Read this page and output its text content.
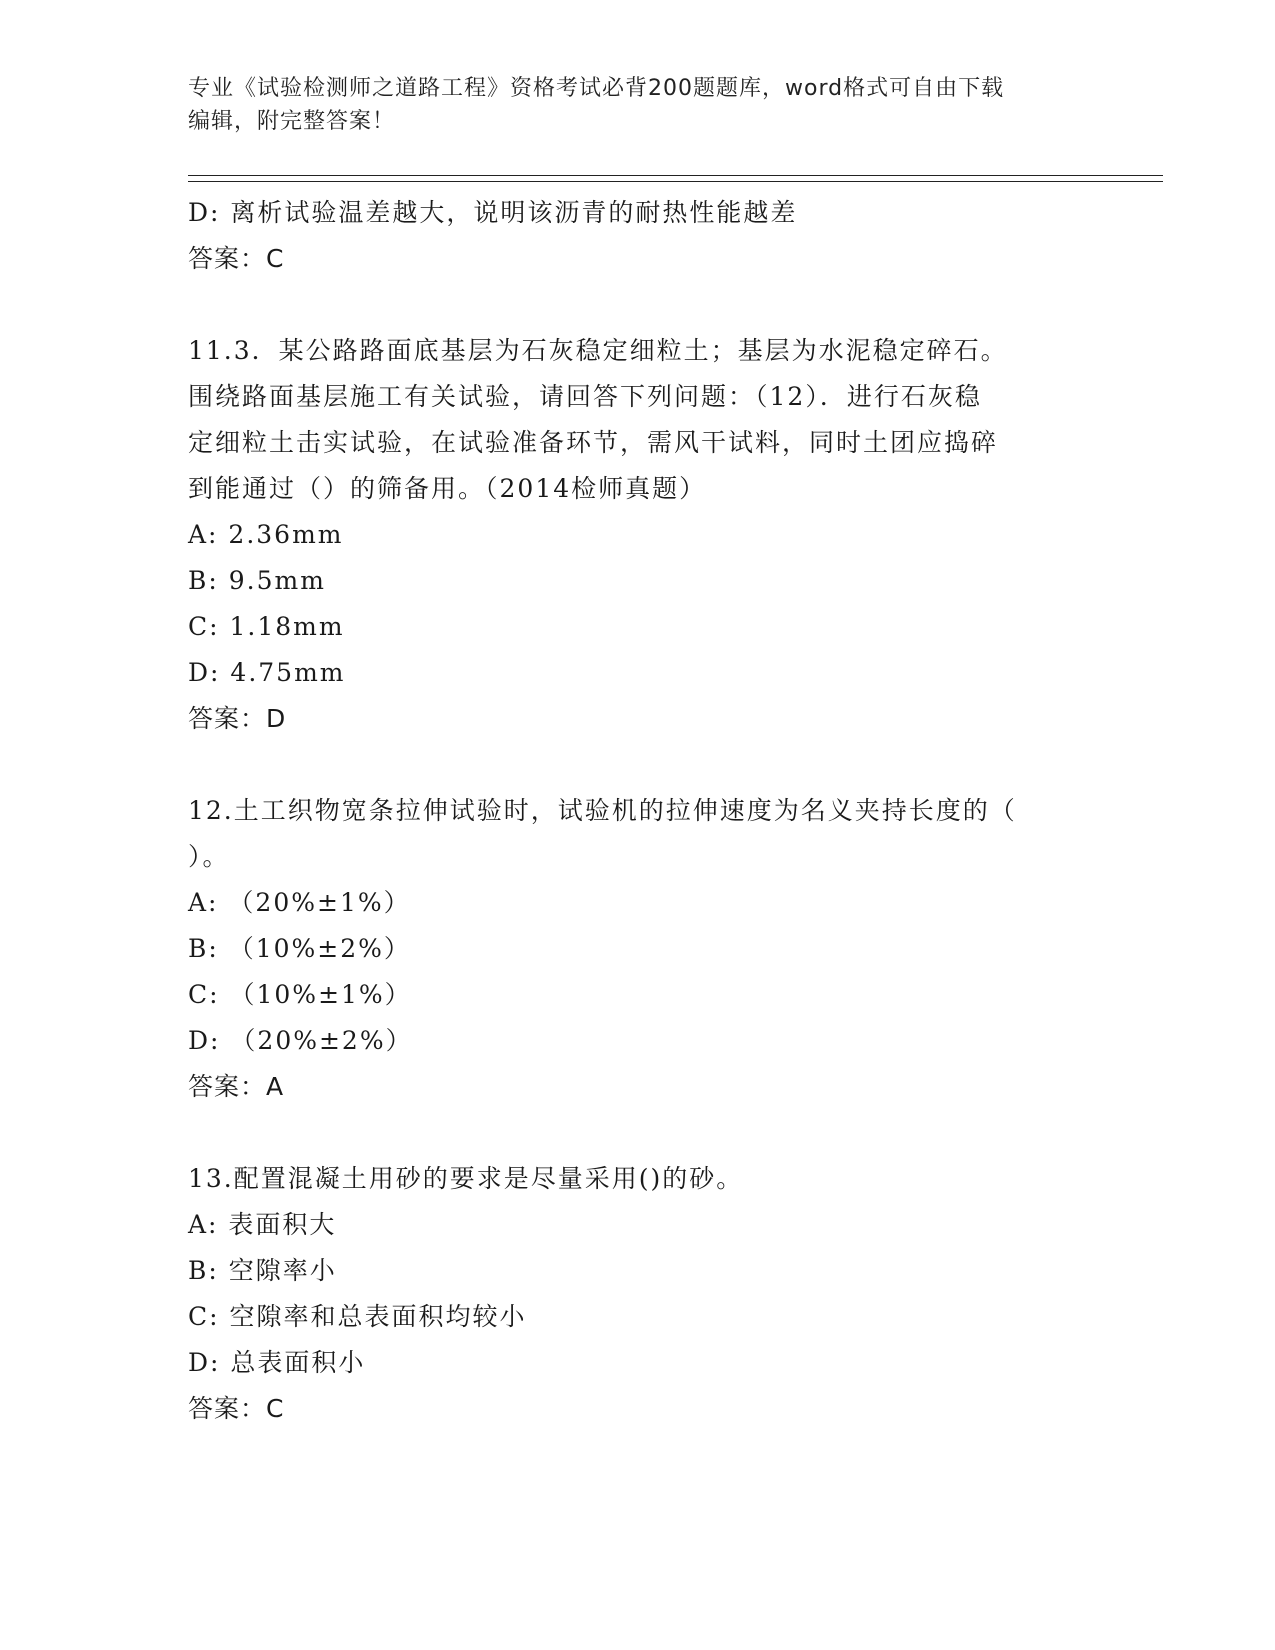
专业《试验检测师之道路工程》资格考试必背200题题库，word格式可自由下载
编辑，附完整答案！
D: 离析试验温差越大，说明该沥青的耐热性能越差
答案：C
11.3．某公路路面底基层为石灰稳定细粒土；基层为水泥稳定碎石。
围绕路面基层施工有关试验，请回答下列问题：（12）．进行石灰稳
定细粒土击实试验，在试验准备环节，需风干试料，同时土团应捣碎
到能通过（）的筛备用。（2014检师真题）
A: 2.36mm
B: 9.5mm
C: 1.18mm
D: 4.75mm
答案：D
12.土工织物宽条拉伸试验时，试验机的拉伸速度为名义夹持长度的（
）。
A: （20%±1%）
B: （10%±2%）
C: （10%±1%）
D: （20%±2%）
答案：A
13.配置混凝土用砂的要求是尽量采用()的砂。
A: 表面积大
B: 空隙率小
C: 空隙率和总表面积均较小
D: 总表面积小
答案：C
